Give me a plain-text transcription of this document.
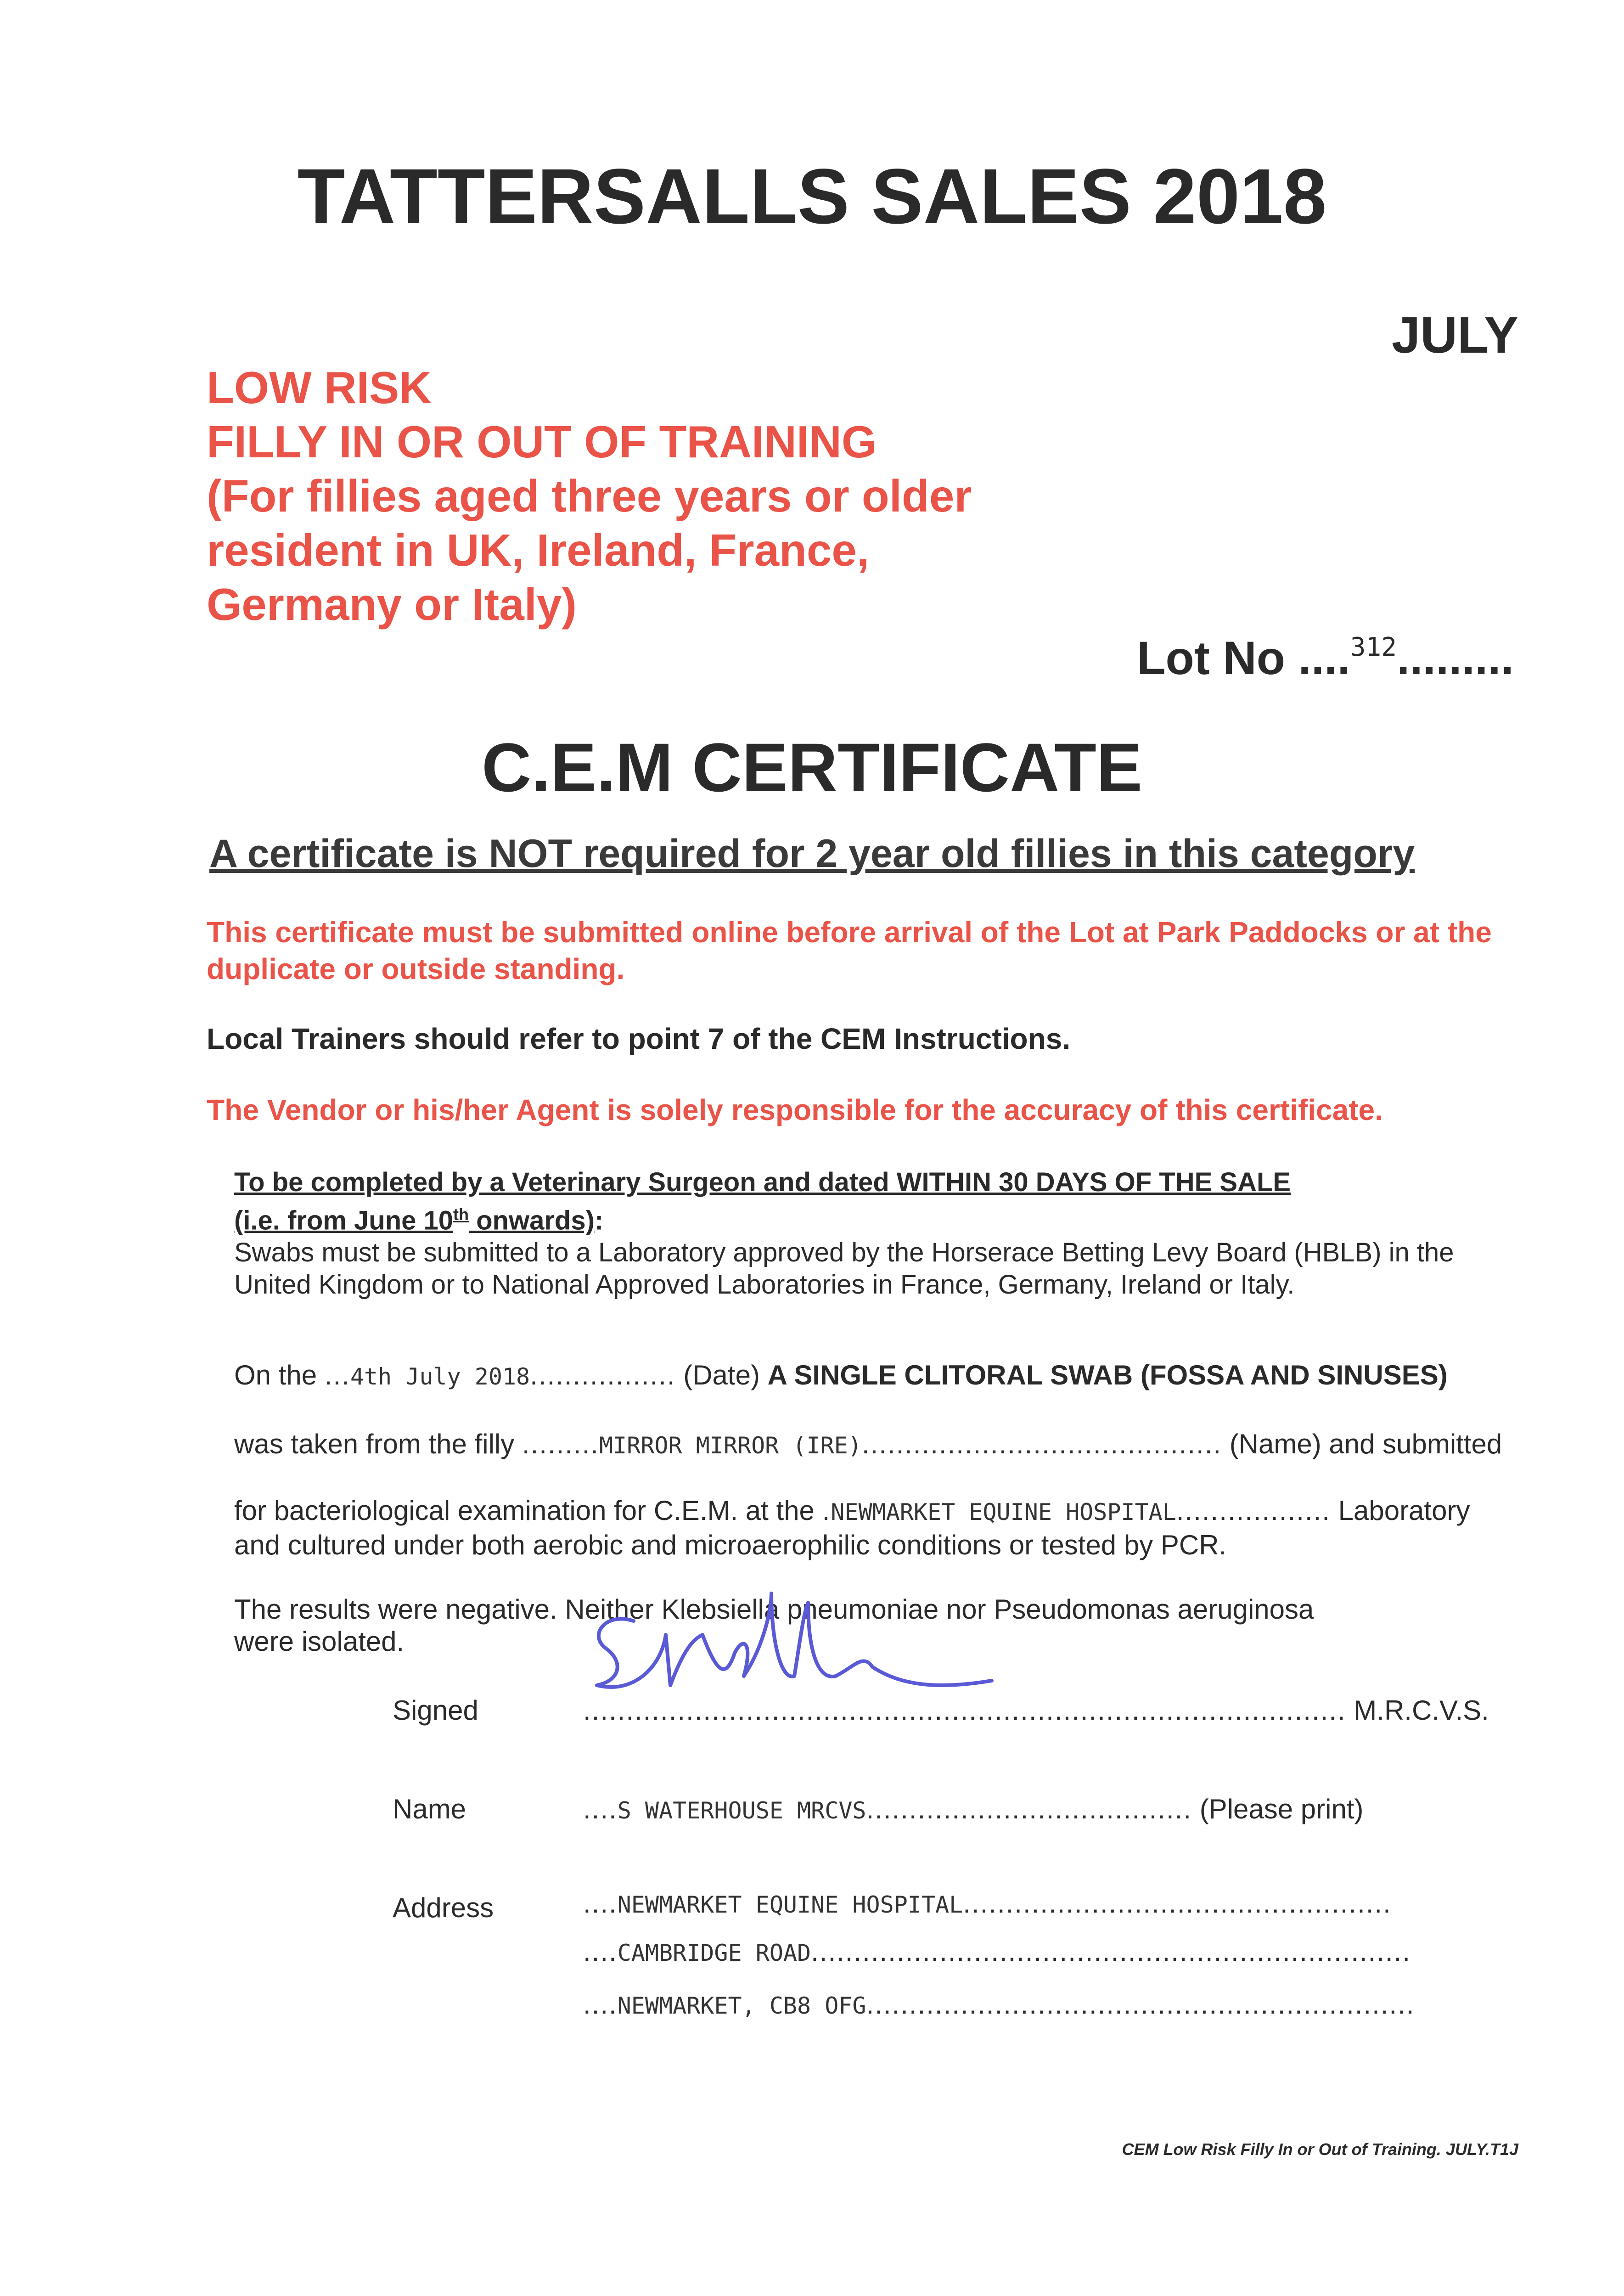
TATTERSALLS SALES 2018
JULY
LOW RISK
FILLY IN OR OUT OF TRAINING
(For fillies aged three years or older
resident in UK, Ireland, France,
Germany or Italy)
Lot No ....$^{312}$.........
C.E.M CERTIFICATE
A certificate is NOT required for 2 year old fillies in this category
This certificate must be submitted online before arrival of the Lot at Park Paddocks or at the duplicate or outside standing.
Local Trainers should refer to point 7 of the CEM Instructions.
The Vendor or his/her Agent is solely responsible for the accuracy of this certificate.
To be completed by a Veterinary Surgeon and dated WITHIN 30 DAYS OF THE SALE
(i.e. from June 10th onwards):
Swabs must be submitted to a Laboratory approved by the Horserace Betting Levy Board (HBLB) in the United Kingdom or to National Approved Laboratories in France, Germany, Ireland or Italy.
On the ...4th July 2018................. (Date) A SINGLE CLITORAL SWAB (FOSSA AND SINUSES)
was taken from the filly .........MIRROR MIRROR (IRE).......................................... (Name) and submitted
for bacteriological examination for C.E.M. at the .NEWMARKET EQUINE HOSPITAL.................. Laboratory
and cultured under both aerobic and microaerophilic conditions or tested by PCR.
The results were negative. Neither Klebsiella pneumoniae nor Pseudomonas aeruginosa
were isolated.
Signed	......................................................................................... M.R.C.V.S.
Name	....S WATERHOUSE MRCVS...................................... (Please print)
Address	....NEWMARKET EQUINE HOSPITAL..................................................
....CAMBRIDGE ROAD......................................................................
....NEWMARKET, CB8 OFG................................................................
CEM Low Risk Filly In or Out of Training. JULY.T1J
